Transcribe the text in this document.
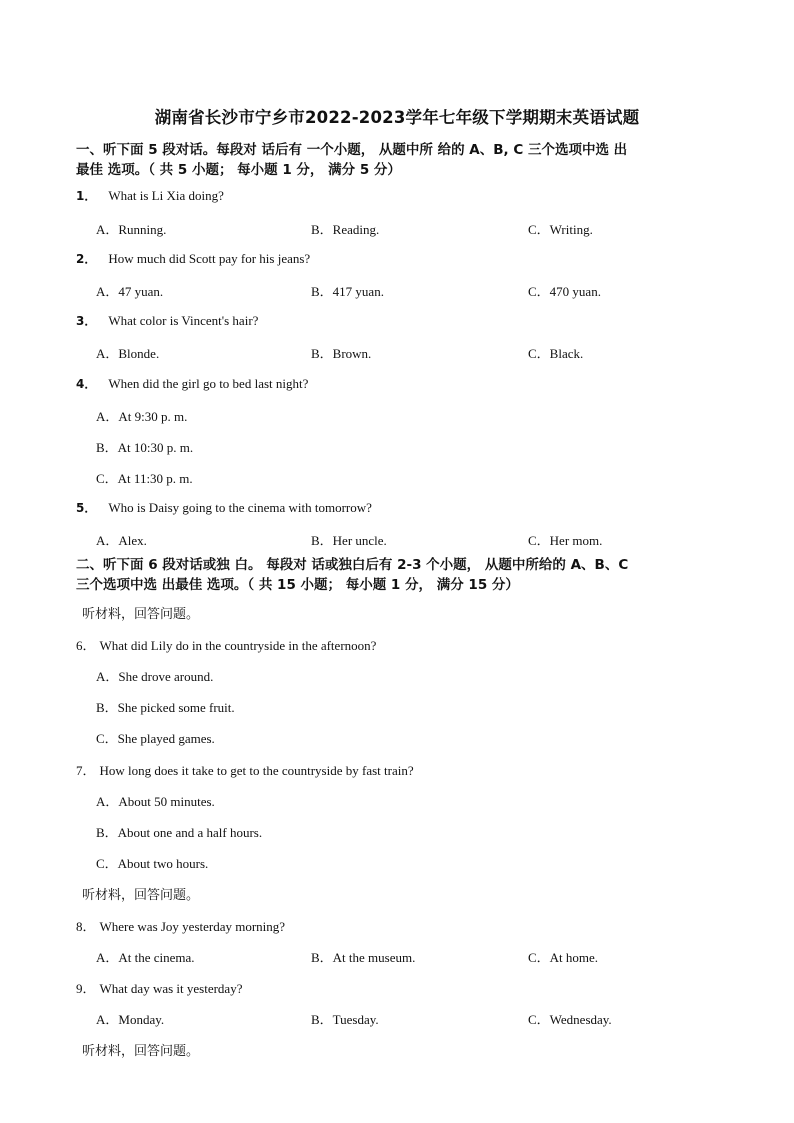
湖南省长沙市宁乡市2022-2023学年七年级下学期期末英语试题
一、听下面 5 段对话。每段对 话后有 一个小题， 从题中所 给的 A、B, C 三个选项中选 出
最佳 选项。（ 共 5 小题； 每小题 1 分， 满分 5 分）
1． What is Li Xia doing?
A．Running.	B．Reading.	C．Writing.
2． How much did Scott pay for his jeans?
A．47 yuan.	B．417 yuan.	C．470 yuan.
3． What color is Vincent's hair?
A．Blonde.	B．Brown.	C．Black.
4． When did the girl go to bed last night?
A．At 9:30 p. m.
B．At 10:30 p. m.
C．At 11:30 p. m.
5． Who is Daisy going to the cinema with tomorrow?
A．Alex.	B．Her uncle.	C．Her mom.
二、听下面 6 段对话或独 白。 每段对 话或独白后有 2-3 个小题， 从题中所给的 A、B、C
三个选项中选 出最佳 选项。（ 共 15 小题； 每小题 1 分， 满分 15 分）
听材料，回答问题。
6． What did Lily do in the countryside in the afternoon?
A．She drove around.
B．She picked some fruit.
C．She played games.
7． How long does it take to get to the countryside by fast train?
A．About 50 minutes.
B．About one and a half hours.
C．About two hours.
听材料，回答问题。
8． Where was Joy yesterday morning?
A．At the cinema.	B．At the museum.	C．At home.
9． What day was it yesterday?
A．Monday.	B．Tuesday.	C．Wednesday.
听材料，回答问题。
